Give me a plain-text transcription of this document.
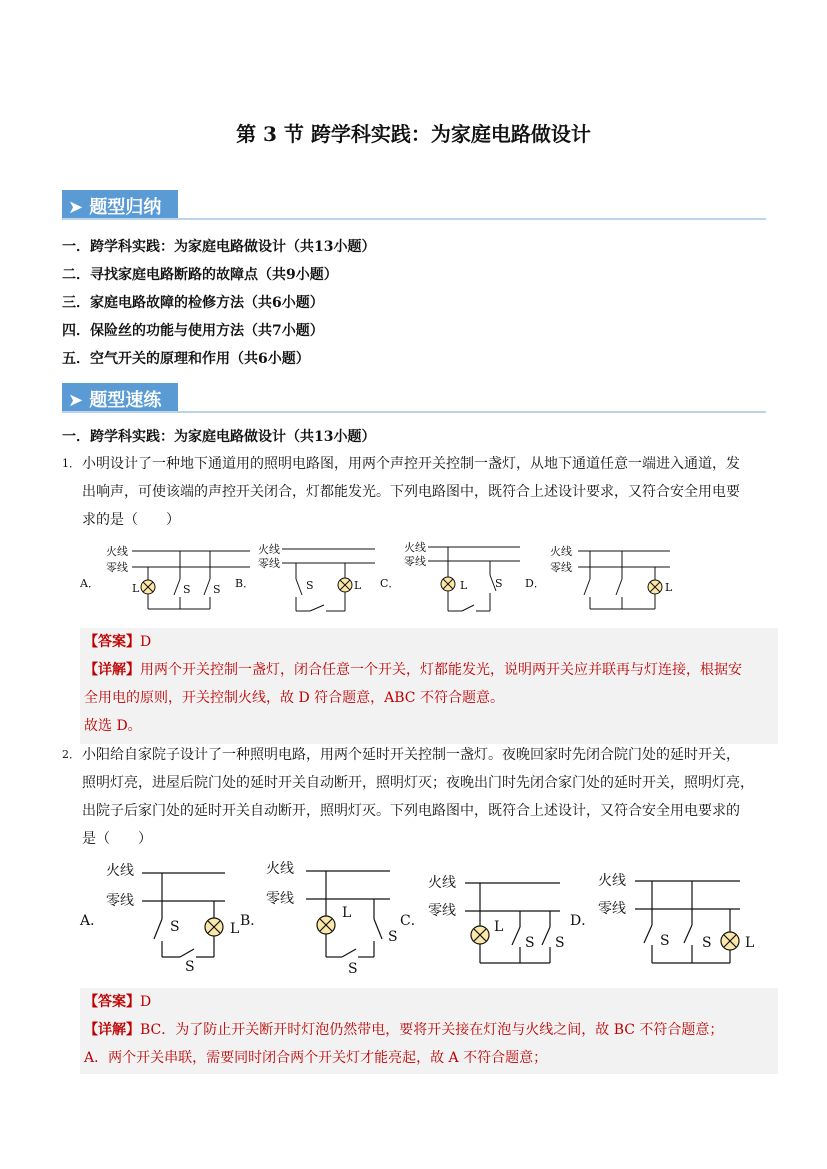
第 3 节 跨学科实践：为家庭电路做设计
➤ 题型归纳
一．跨学科实践：为家庭电路做设计（共13小题）
二．寻找家庭电路断路的故障点（共9小题）
三．家庭电路故障的检修方法（共6小题）
四．保险丝的功能与使用方法（共7小题）
五．空气开关的原理和作用（共6小题）
➤ 题型速练
一．跨学科实践：为家庭电路做设计（共13小题）
1． 小明设计了一种地下通道用的照明电路图，用两个声控开关控制一盏灯，从地下通道任意一端进入通道，发
出响声，可使该端的声控开关闭合，灯都能发光。下列电路图中，既符合上述设计要求，又符合安全用电要
求的是（　　）
A．
火线
零线
L	S S B．
火线
零线
S	L C．
火线
零线
L	S D．
火线
零线
L
【答案】D
【详解】用两个开关控制一盏灯，闭合任意一个开关，灯都能发光，说明两开关应并联再与灯连接，根据安
全用电的原则，开关控制火线，故 D 符合题意，ABC 不符合题意。
故选 D。
2． 小阳给自家院子设计了一种照明电路，用两个延时开关控制一盏灯。夜晚回家时先闭合院门处的延时开关，
照明灯亮，进屋后院门处的延时开关自动断开，照明灯灭；夜晚出门时先闭合家门处的延时开关，照明灯亮，
出院子后家门处的延时开关自动断开，照明灯灭。下列电路图中，既符合上述设计，又符合安全用电要求的
是（　　）
A．
火线
零线
S	L
S
B．
火线
零线
L
S
S
C．
火线
零线
L
S S
D．
火线
零线
S S L
【答案】D
【详解】BC．为了防止开关断开时灯泡仍然带电，要将开关接在灯泡与火线之间，故 BC 不符合题意；
A．两个开关串联，需要同时闭合两个开关灯才能亮起，故 A 不符合题意；
